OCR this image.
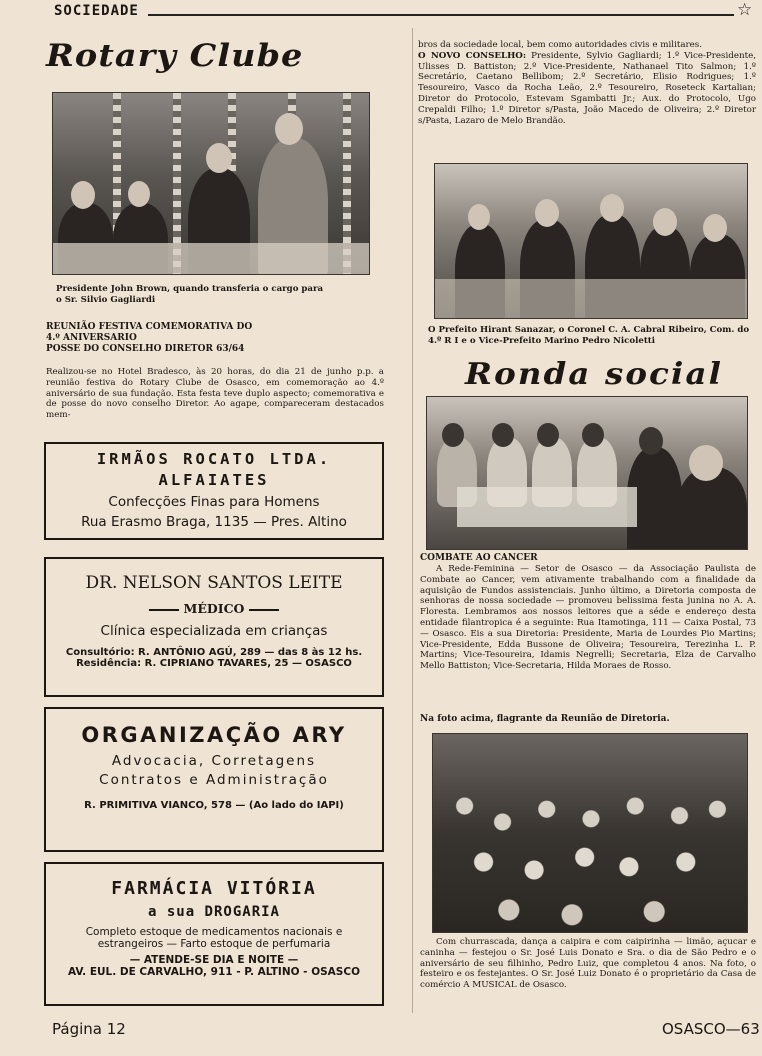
SOCIEDADE	☆
Rotary Clube
Presidente John Brown, quando transferia o cargo para
o Sr. Silvio Gagliardi
REUNIÃO FESTIVA COMEMORATIVA DO
4.º ANIVERSARIO
POSSE DO CONSELHO DIRETOR 63/64
Realizou-se no Hotel Bradesco, às 20 horas, do dia 21 de junho p.p. a reunião festiva do Rotary Clube de Osasco, em comemoração ao 4.º aniversário de sua fundação. Esta festa teve duplo aspecto; comemorativa e de posse do novo conselho Diretor. Ao agape, compareceram destacados mem-
IRMÃOS ROCATO LTDA.
ALFAIATES
Confecções Finas para Homens
Rua Erasmo Braga, 1135 — Pres. Altino
DR. NELSON SANTOS LEITE
MÉDICO
Clínica especializada em crianças
Consultório: R. ANTÔNIO AGÚ, 289 — das 8 às 12 hs.
Residência: R. CIPRIANO TAVARES, 25 — OSASCO
ORGANIZAÇÃO ARY
Advocacia, Corretagens
Contratos e Administração
R. PRIMITIVA VIANCO, 578 — (Ao lado do IAPI)
FARMÁCIA VITÓRIA
a sua DROGARIA
Completo estoque de medicamentos nacionais e
estrangeiros — Farto estoque de perfumaria
— ATENDE-SE DIA E NOITE —
AV. EUL. DE CARVALHO, 911 - P. ALTINO - OSASCO
bros da sociedade local, bem como autoridades civis e militares.
O NOVO CONSELHO: Presidente, Sylvio Gagliardi; 1.º Vice-Presidente, Ulisses D. Battiston; 2.º Vice-Presidente, Nathanael Tito Salmon; 1.º Secretário, Caetano Bellibom; 2.º Secretário, Elisio Rodrigues; 1.º Tesoureiro, Vasco da Rocha Leão, 2.º Tesoureiro, Roseteck Kartalian; Diretor do Protocolo, Estevam Sgambatti Jr.; Aux. do Protocolo, Ugo Crepaldi Filho; 1.º Diretor s/Pasta, João Macedo de Oliveira; 2.º Diretor s/Pasta, Lazaro de Melo Brandão.
O Prefeito Hirant Sanazar, o Coronel C. A. Cabral Ribeiro, Com. do 4.º R I e o Vice-Prefeito Marino Pedro Nicoletti
Ronda social
COMBATE AO CANCER
A Rede-Feminina — Setor de Osasco — da Associação Paulista de Combate ao Cancer, vem ativamente trabalhando com a finalidade da aquisição de Fundos assistenciais. Junho último, a Diretoria composta de senhoras de nossa sociedade — promoveu belissima festa junina no A. A. Floresta. Lembramos aos nossos leitores que a séde e endereço desta entidade filantropica é a seguinte: Rua Itamotinga, 111 — Caixa Postal, 73 — Osasco. Eis a sua Diretoria: Presidente, Maria de Lourdes Pio Martins; Vice-Presidente, Edda Bussone de Oliveira; Tesoureira, Terezinha L. P. Martins; Vice-Tesoureira, Idamis Negrelli; Secretaria, Elza de Carvalho Mello Battiston; Vice-Secretaria, Hilda Moraes de Rosso.
Na foto acima, flagrante da Reunião de Diretoria.
Com churrascada, dança a caipira e com caipirinha — limão, açucar e caninha — festejou o Sr. José Luis Donato e Sra. o dia de São Pedro e o aniversário de seu filhinho, Pedro Luiz, que completou 4 anos. Na foto, o festeiro e os festejantes. O Sr. José Luiz Donato é o proprietário da Casa de comércio A MUSICAL de Osasco.
Página 12	OSASCO—63
